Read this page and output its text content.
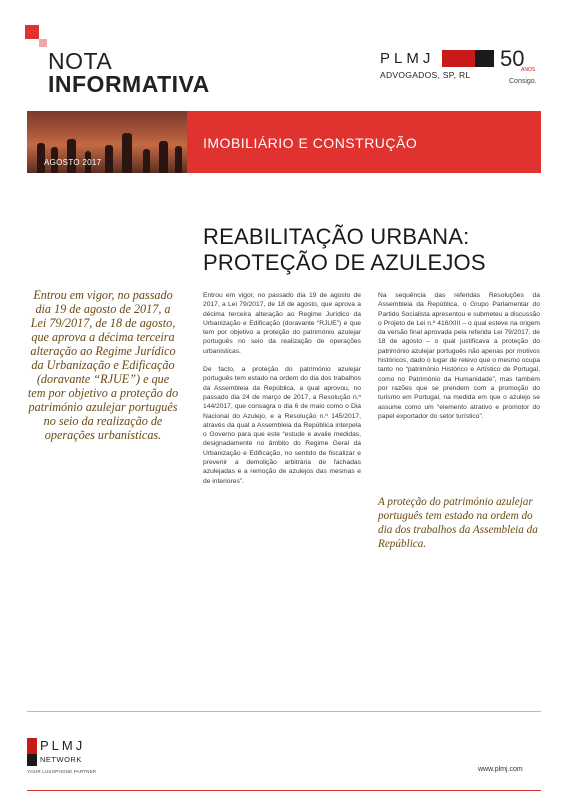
NOTA
INFORMATIVA
PLMJ
ADVOGADOS, SP, RL
50
ANOS
Consigo.
AGOSTO 2017
IMOBILIÁRIO E CONSTRUÇÃO
REABILITAÇÃO URBANA:
PROTEÇÃO DE AZULEJOS
Entrou em vigor, no passado dia 19 de agosto de 2017, a Lei 79/2017, de 18 de agosto, que aprova a décima terceira alteração ao Regime Jurídico da Urbanização e Edificação (doravante “RJUE”) e que tem por objetivo a proteção do património azulejar português no seio da realização de operações urbanísticas.

Entrou em vigor, no passado dia 19 de agosto de 2017, a Lei 79/2017, de 18 de agosto, que aprova a décima terceira alteração ao Regime Jurídico da Urbanização e Edificação (doravante “RJUE”) e que tem por objetivo a proteção do património azulejar português no seio da realização de operações urbanísticas.

De facto, a proteção do património azulejar português tem estado na ordem do dia dos trabalhos da Assembleia da República, a qual aprovou, no passado dia 24 de março de 2017, a Resolução n.º 144/2017, que consagra o dia 6 de maio como o Dia Nacional do Azulejo, e a Resolução n.º 145/2017, através da qual a Assembleia da República interpela o Governo para que este “estude e avalie medidas, designadamente no âmbito do Regime Geral da Urbanização e Edificação, no sentido de fiscalizar e prevenir a demolição arbitrária de fachadas azulejadas e a remoção de azulejos das mesmas e de interiores”.

Na sequência das referidas Resoluções da Assembleia da República, o Grupo Parlamentar do Partido Socialista apresentou e submeteu a discussão o Projeto de Lei n.º 416/XIII – o qual esteve na origem da versão final aprovada pela referida Lei 79/2017, de 18 de agosto – o qual justificava a proteção do património azulejar português não apenas por motivos históricos, dado o lugar de relevo que o mesmo ocupa tanto no “património Histórico e Artístico de Portugal, como no Património da Humanidade”, mas também por razões que se prendem com a promoção do turismo em Portugal, na medida em que o azulejo se assume como um “elemento atrativo e promotor do papel exportador do setor turístico”.

A proteção do património azulejar português tem estado na ordem do dia dos trabalhos da Assembleia da República.
PLMJ
NETWORK
YOUR LUSOPHONE PARTNER	www.plmj.com
